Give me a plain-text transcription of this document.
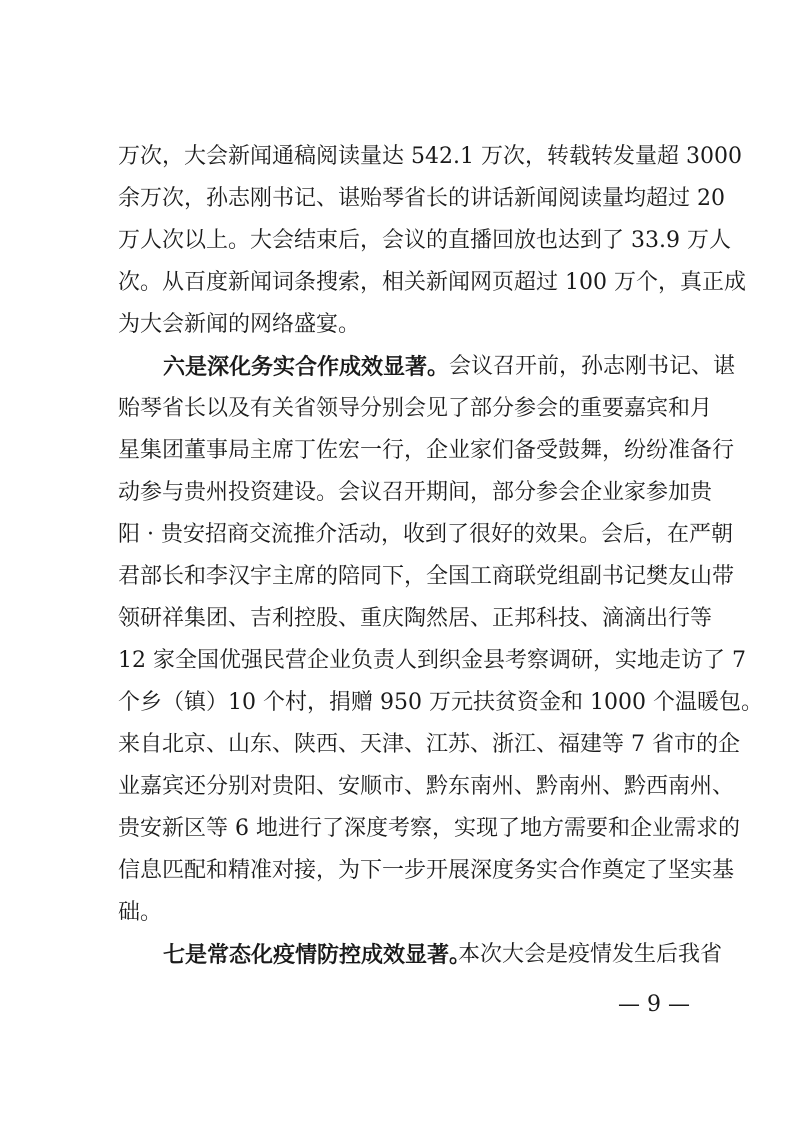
万次，大会新闻通稿阅读量达 542.1 万次，转载转发量超 3000
余万次，孙志刚书记、谌贻琴省长的讲话新闻阅读量均超过 20
万人次以上。大会结束后，会议的直播回放也达到了 33.9 万人
次。从百度新闻词条搜索，相关新闻网页超过 100 万个，真正成
为大会新闻的网络盛宴。
六是深化务实合作成效显著。 会议召开前，孙志刚书记、谌
贻琴省长以及有关省领导分别会见了部分参会的重要嘉宾和月
星集团董事局主席丁佐宏一行，企业家们备受鼓舞，纷纷准备行
动参与贵州投资建设。会议召开期间，部分参会企业家参加贵
阳 · 贵安招商交流推介活动，收到了很好的效果。会后，在严朝
君部长和李汉宇主席的陪同下，全国工商联党组副书记樊友山带
领研祥集团、吉利控股、重庆陶然居、正邦科技、滴滴出行等
12 家全国优强民营企业负责人到织金县考察调研，实地走访了 7
个乡（镇）10 个村，捐赠 950 万元扶贫资金和 1000 个温暖包。
来自北京、山东、陕西、天津、江苏、浙江、福建等 7 省市的企
业嘉宾还分别对贵阳、安顺市、黔东南州、黔南州、黔西南州、
贵安新区等 6 地进行了深度考察，实现了地方需要和企业需求的
信息匹配和精准对接，为下一步开展深度务实合作奠定了坚实基
础。
七是常态化疫情防控成效显著。
本次大会是疫情发生后我省
— 9 —
